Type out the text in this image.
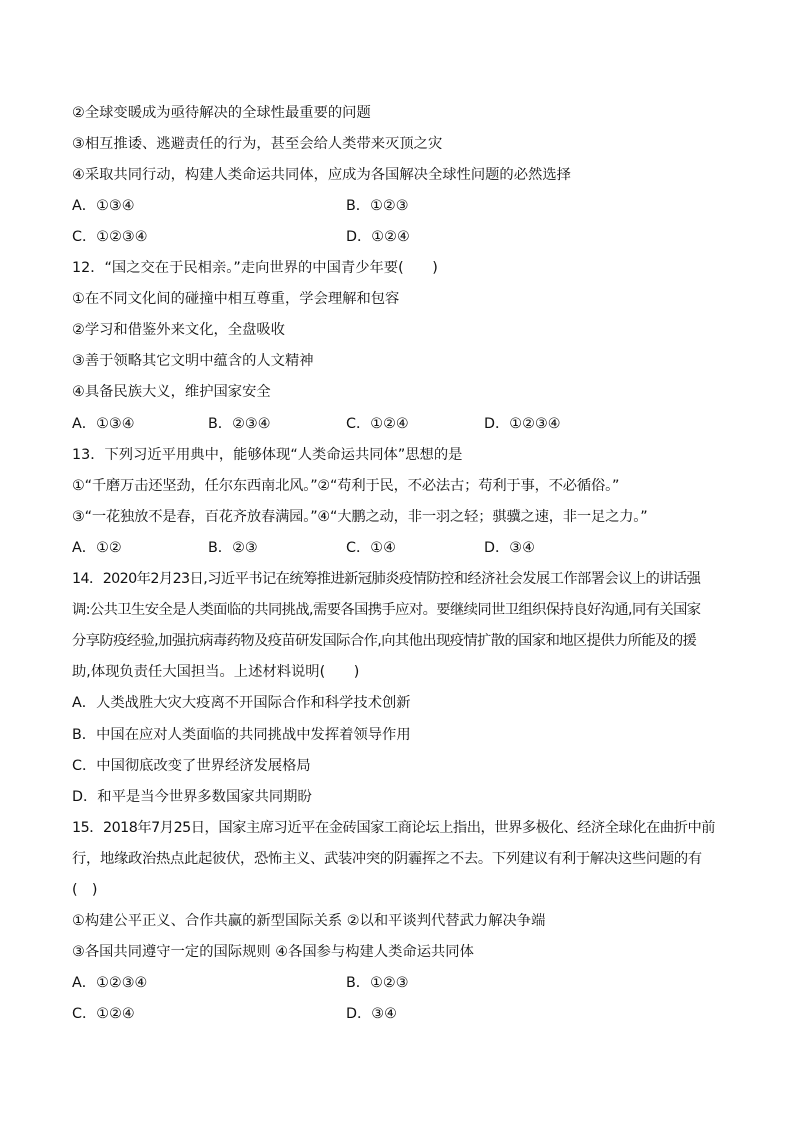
②全球变暖成为亟待解决的全球性最重要的问题
③相互推诿、逃避责任的行为，甚至会给人类带来灭顶之灾
④采取共同行动，构建人类命运共同体，应成为各国解决全球性问题的必然选择
A．①③④	B．①②③
C．①②③④	D．①②④
12．“国之交在于民相亲。”走向世界的中国青少年要(　　)
①在不同文化间的碰撞中相互尊重，学会理解和包容
②学习和借鉴外来文化，全盘吸收
③善于领略其它文明中蕴含的人文精神
④具备民族大义，维护国家安全
A．①③④	B．②③④	C．①②④	D．①②③④
13．下列习近平用典中，能够体现“人类命运共同体”思想的是
①“千磨万击还坚劲，任尔东西南北风。”②“苟利于民，不必法古；苟利于事，不必循俗。”
③“一花独放不是春，百花齐放春满园。”④“大鹏之动，非一羽之轻；骐骥之速，非一足之力。”
A．①②	B．②③	C．①④	D．③④
14．2020年2月23日,习近平书记在统筹推进新冠肺炎疫情防控和经济社会发展工作部署会议上的讲话强
调:公共卫生安全是人类面临的共同挑战,需要各国携手应对。要继续同世卫组织保持良好沟通,同有关国家
分享防疫经验,加强抗病毒药物及疫苗研发国际合作,向其他出现疫情扩散的国家和地区提供力所能及的援
助,体现负责任大国担当。上述材料说明(　　)
A．人类战胜大灾大疫离不开国际合作和科学技术创新
B．中国在应对人类面临的共同挑战中发挥着领导作用
C．中国彻底改变了世界经济发展格局
D．和平是当今世界多数国家共同期盼
15．2018年7月25日，国家主席习近平在金砖国家工商论坛上指出，世界多极化、经济全球化在曲折中前
行，地缘政治热点此起彼伏，恐怖主义、武装冲突的阴霾挥之不去。下列建议有利于解决这些问题的有
(　)
①构建公平正义、合作共赢的新型国际关系 ②以和平谈判代替武力解决争端
③各国共同遵守一定的国际规则 ④各国参与构建人类命运共同体
A．①②③④	B．①②③
C．①②④	D．③④
